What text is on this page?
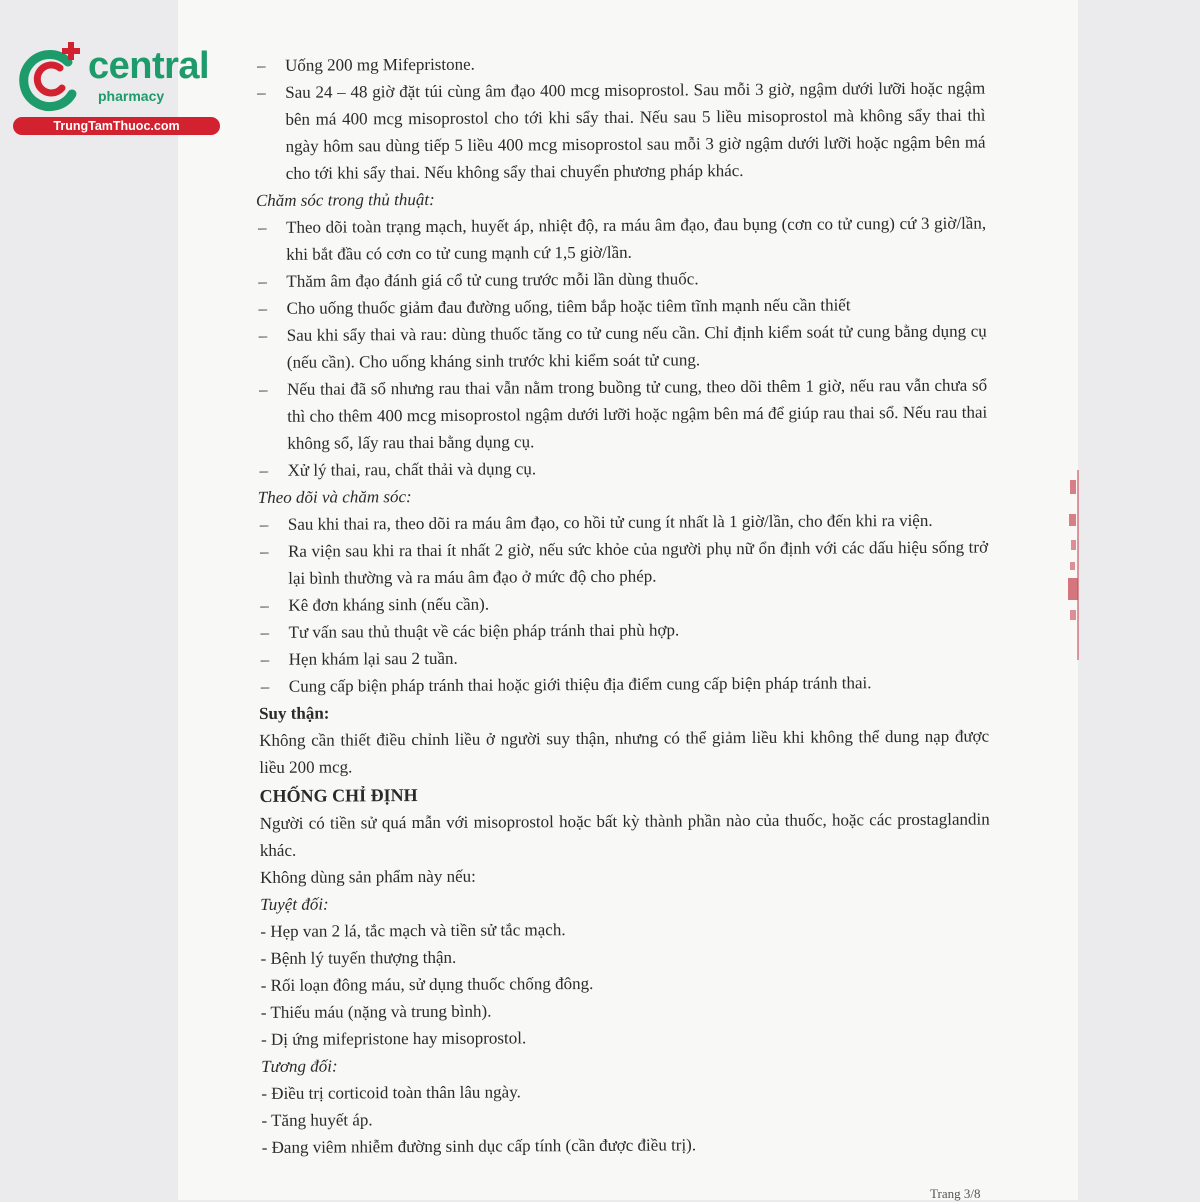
central
pharmacy
TrungTamThuoc.com

– Uống 200 mg Mifepristone.

– Sau 24 – 48 giờ đặt túi cùng âm đạo 400 mcg misoprostol. Sau mỗi 3 giờ, ngậm dưới lưỡi hoặc ngậm bên má 400 mcg misoprostol cho tới khi sẩy thai. Nếu sau 5 liều misoprostol mà không sẩy thai thì ngày hôm sau dùng tiếp 5 liều 400 mcg misoprostol sau mỗi 3 giờ ngậm dưới lưỡi hoặc ngậm bên má cho tới khi sẩy thai. Nếu không sẩy thai chuyển phương pháp khác.

Chăm sóc trong thủ thuật:

– Theo dõi toàn trạng mạch, huyết áp, nhiệt độ, ra máu âm đạo, đau bụng (cơn co tử cung) cứ 3 giờ/lần, khi bắt đầu có cơn co tử cung mạnh cứ 1,5 giờ/lần.

– Thăm âm đạo đánh giá cổ tử cung trước mỗi lần dùng thuốc.

– Cho uống thuốc giảm đau đường uống, tiêm bắp hoặc tiêm tĩnh mạnh nếu cần thiết

– Sau khi sẩy thai và rau: dùng thuốc tăng co tử cung nếu cần. Chỉ định kiểm soát tử cung bằng dụng cụ (nếu cần). Cho uống kháng sinh trước khi kiểm soát tử cung.

– Nếu thai đã sổ nhưng rau thai vẫn nằm trong buồng tử cung, theo dõi thêm 1 giờ, nếu rau vẫn chưa sổ thì cho thêm 400 mcg misoprostol ngậm dưới lưỡi hoặc ngậm bên má để giúp rau thai sổ. Nếu rau thai không sổ, lấy rau thai bằng dụng cụ.

– Xử lý thai, rau, chất thải và dụng cụ.

Theo dõi và chăm sóc:

– Sau khi thai ra, theo dõi ra máu âm đạo, co hồi tử cung ít nhất là 1 giờ/lần, cho đến khi ra viện.

– Ra viện sau khi ra thai ít nhất 2 giờ, nếu sức khỏe của người phụ nữ ổn định với các dấu hiệu sống trở lại bình thường và ra máu âm đạo ở mức độ cho phép.

– Kê đơn kháng sinh (nếu cần).

– Tư vấn sau thủ thuật về các biện pháp tránh thai phù hợp.

– Hẹn khám lại sau 2 tuần.

– Cung cấp biện pháp tránh thai hoặc giới thiệu địa điểm cung cấp biện pháp tránh thai.

Suy thận:

Không cần thiết điều chỉnh liều ở người suy thận, nhưng có thể giảm liều khi không thể dung nạp được liều 200 mcg.

CHỐNG CHỈ ĐỊNH

Người có tiền sử quá mẫn với misoprostol hoặc bất kỳ thành phần nào của thuốc, hoặc các prostaglandin khác.

Không dùng sản phẩm này nếu:

Tuyệt đối:

- Hẹp van 2 lá, tắc mạch và tiền sử tắc mạch.

- Bệnh lý tuyến thượng thận.

- Rối loạn đông máu, sử dụng thuốc chống đông.

- Thiếu máu (nặng và trung bình).

- Dị ứng mifepristone hay misoprostol.

Tương đối:

- Điều trị corticoid toàn thân lâu ngày.

- Tăng huyết áp.

- Đang viêm nhiễm đường sinh dục cấp tính (cần được điều trị).

Trang 3/8
